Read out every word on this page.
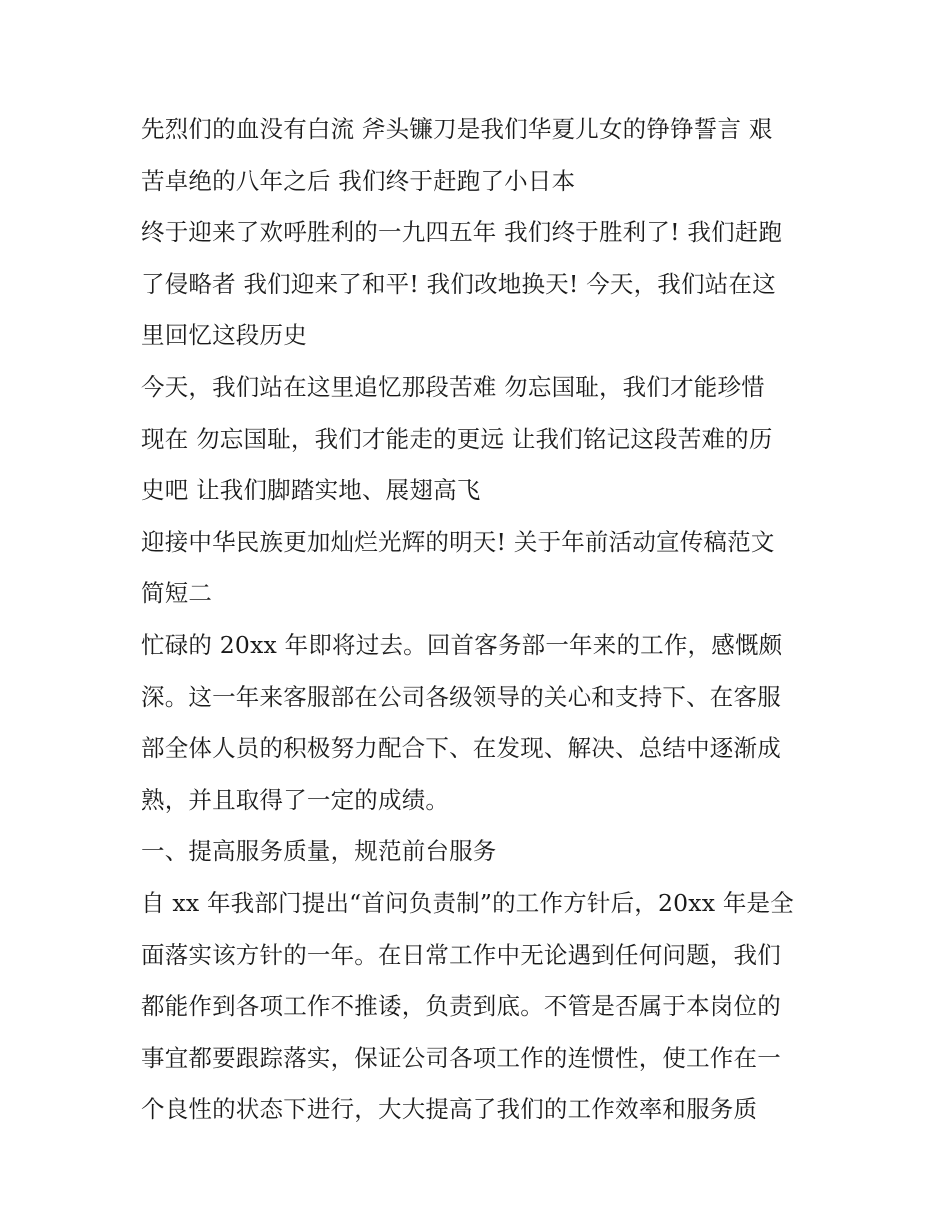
先烈们的血没有白流 斧头镰刀是我们华夏儿女的铮铮誓言 艰
苦卓绝的八年之后 我们终于赶跑了小日本
终于迎来了欢呼胜利的一九四五年 我们终于胜利了! 我们赶跑
了侵略者 我们迎来了和平! 我们改地换天! 今天，我们站在这
里回忆这段历史
今天，我们站在这里追忆那段苦难 勿忘国耻，我们才能珍惜
现在 勿忘国耻，我们才能走的更远 让我们铭记这段苦难的历
史吧 让我们脚踏实地、展翅高飞
迎接中华民族更加灿烂光辉的明天! 关于年前活动宣传稿范文
简短二
忙碌的 20xx 年即将过去。回首客务部一年来的工作，感慨颇
深。这一年来客服部在公司各级领导的关心和支持下、在客服
部全体人员的积极努力配合下、在发现、解决、总结中逐渐成
熟，并且取得了一定的成绩。
一、提高服务质量，规范前台服务
自 xx 年我部门提出“首问负责制”的工作方针后，20xx 年是全
面落实该方针的一年。在日常工作中无论遇到任何问题，我们
都能作到各项工作不推诿，负责到底。不管是否属于本岗位的
事宜都要跟踪落实，保证公司各项工作的连惯性，使工作在一
个良性的状态下进行，大大提高了我们的工作效率和服务质
